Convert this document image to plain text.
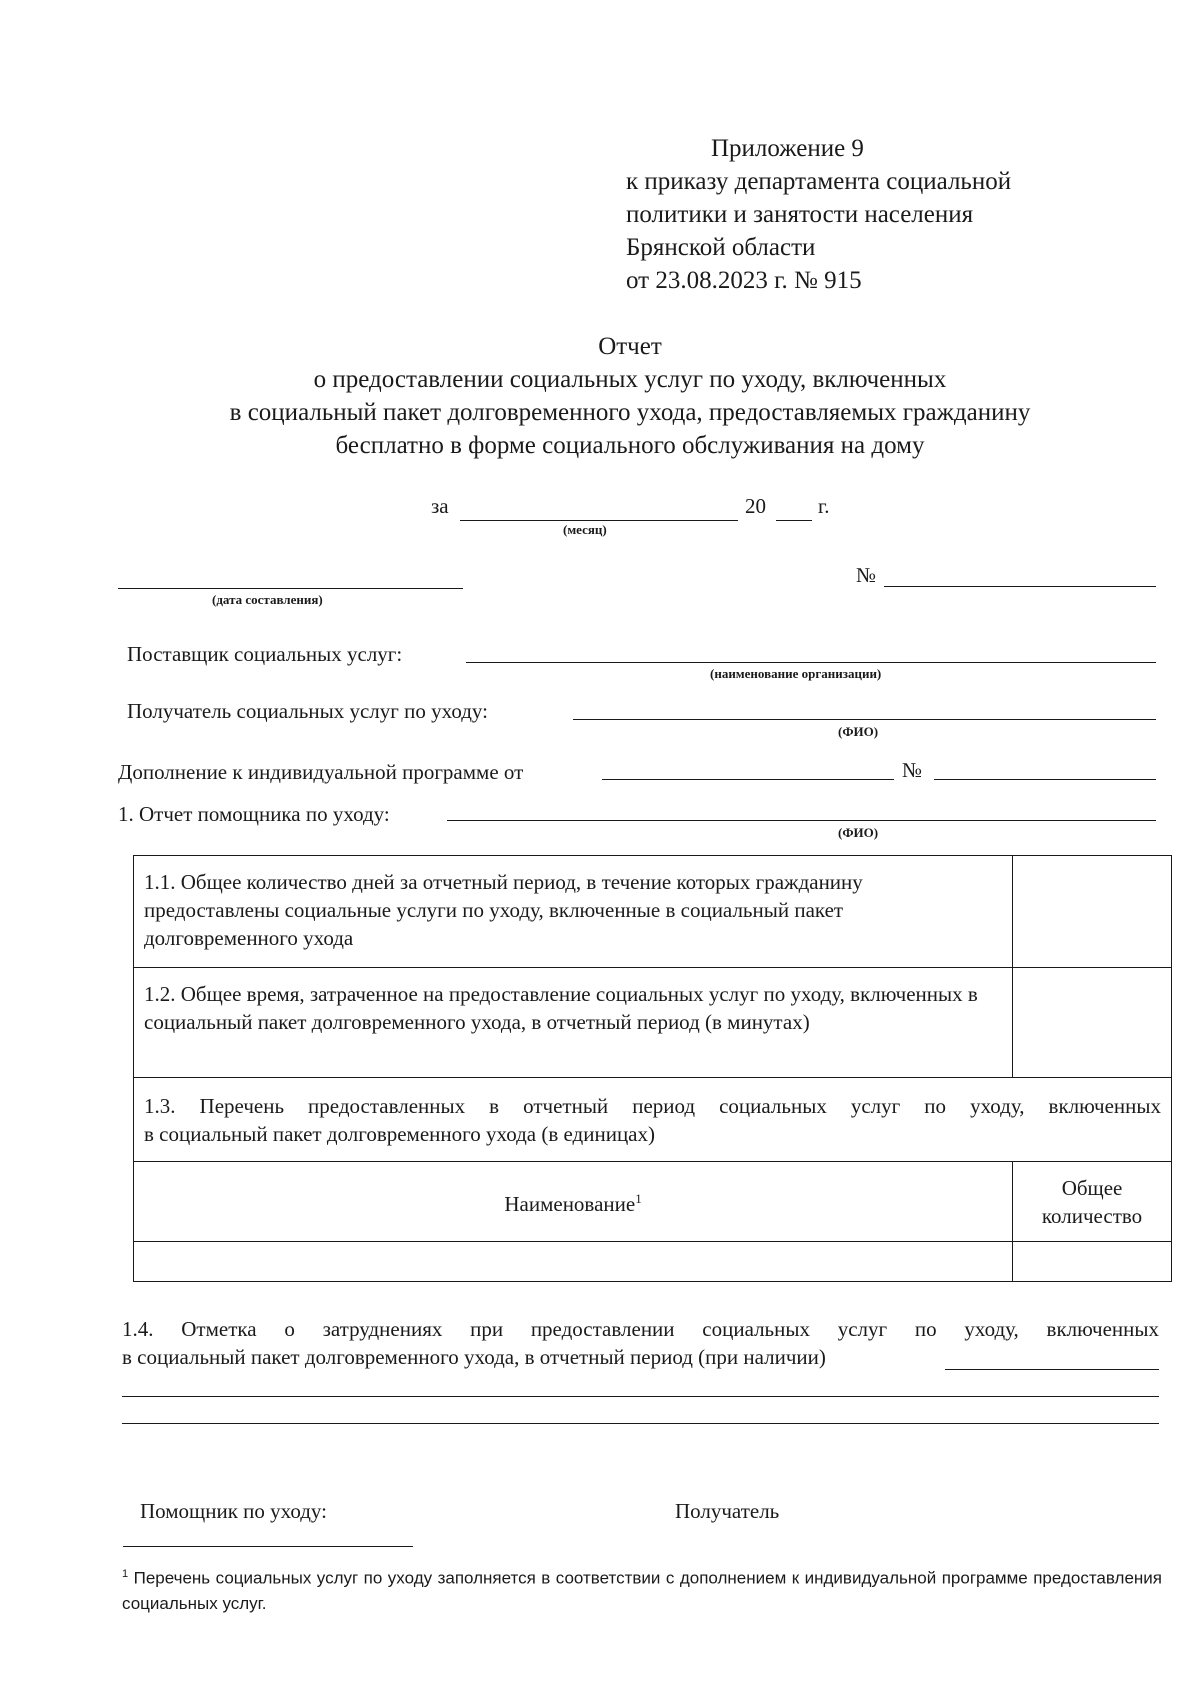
Приложение 9
к приказу департамента социальной
политики и занятости населения
Брянской области
от 23.08.2023 г. № 915
Отчет
о предоставлении социальных услуг по уходу, включенных
в социальный пакет долговременного ухода, предоставляемых гражданину
бесплатно в форме социального обслуживания на дому
за	20 г.
(месяц)
(дата составления)
№
Поставщик социальных услуг:
(наименование организации)
Получатель социальных услуг по уходу:
(ФИО)
Дополнение к индивидуальной программе от	№
1. Отчет помощника по уходу:
(ФИО)
1.1. Общее количество дней за отчетный период, в течение которых гражданину предоставлены социальные услуги по уходу, включенные в социальный пакет долговременного ухода	

1.2. Общее время, затраченное на предоставление социальных услуг по уходу, включенных в социальный пакет долговременного ухода, в отчетный период (в минутах)	

1.3. Перечень предоставленных в отчетный период социальных услуг по уходу, включенных
в социальный пакет долговременного ухода (в единицах)	

Наименование$^1$	Общее
количество

1.4. Отметка о затруднениях при предоставлении социальных услуг по уходу, включенных
в социальный пакет долговременного ухода, в отчетный период (при наличии)
Помощник по уходу:	Получатель
$^1$ Перечень социальных услуг по уходу заполняется в соответствии с дополнением к индивидуальной программе предоставления социальных услуг.
